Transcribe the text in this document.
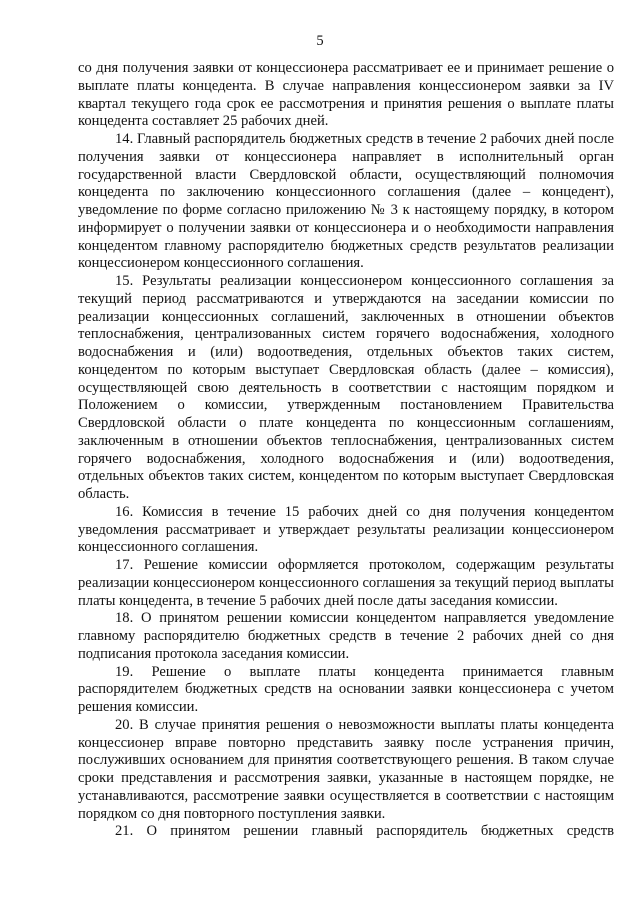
5

со дня получения заявки от концессионера рассматривает ее и принимает решение о выплате платы концедента. В случае направления концессионером заявки за IV квартал текущего года срок ее рассмотрения и принятия решения о выплате платы концедента составляет 25 рабочих дней.

14. Главный распорядитель бюджетных средств в течение 2 рабочих дней после получения заявки от концессионера направляет в исполнительный орган государственной власти Свердловской области, осуществляющий полномочия концедента по заключению концессионного соглашения (далее – концедент), уведомление по форме согласно приложению № 3 к настоящему порядку, в котором информирует о получении заявки от концессионера и о необходимости направления концедентом главному распорядителю бюджетных средств результатов реализации концессионером концессионного соглашения.

15. Результаты реализации концессионером концессионного соглашения за текущий период рассматриваются и утверждаются на заседании комиссии по реализации концессионных соглашений, заключенных в отношении объектов теплоснабжения, централизованных систем горячего водоснабжения, холодного водоснабжения и (или) водоотведения, отдельных объектов таких систем, концедентом по которым выступает Свердловская область (далее – комиссия), осуществляющей свою деятельность в соответствии с настоящим порядком и Положением о комиссии, утвержденным постановлением Правительства Свердловской области о плате концедента по концессионным соглашениям, заключенным в отношении объектов теплоснабжения, централизованных систем горячего водоснабжения, холодного водоснабжения и (или) водоотведения, отдельных объектов таких систем, концедентом по которым выступает Свердловская область.

16. Комиссия в течение 15 рабочих дней со дня получения концедентом уведомления рассматривает и утверждает результаты реализации концессионером концессионного соглашения.

17. Решение комиссии оформляется протоколом, содержащим результаты реализации концессионером концессионного соглашения за текущий период выплаты платы концедента, в течение 5 рабочих дней после даты заседания комиссии.

18. О принятом решении комиссии концедентом направляется уведомление главному распорядителю бюджетных средств в течение 2 рабочих дней со дня подписания протокола заседания комиссии.

19. Решение о выплате платы концедента принимается главным распорядителем бюджетных средств на основании заявки концессионера с учетом решения комиссии.

20. В случае принятия решения о невозможности выплаты платы концедента концессионер вправе повторно представить заявку после устранения причин, послуживших основанием для принятия соответствующего решения. В таком случае сроки представления и рассмотрения заявки, указанные в настоящем порядке, не устанавливаются, рассмотрение заявки осуществляется в соответствии с настоящим порядком со дня повторного поступления заявки.

21. О принятом решении главный распорядитель бюджетных средств
